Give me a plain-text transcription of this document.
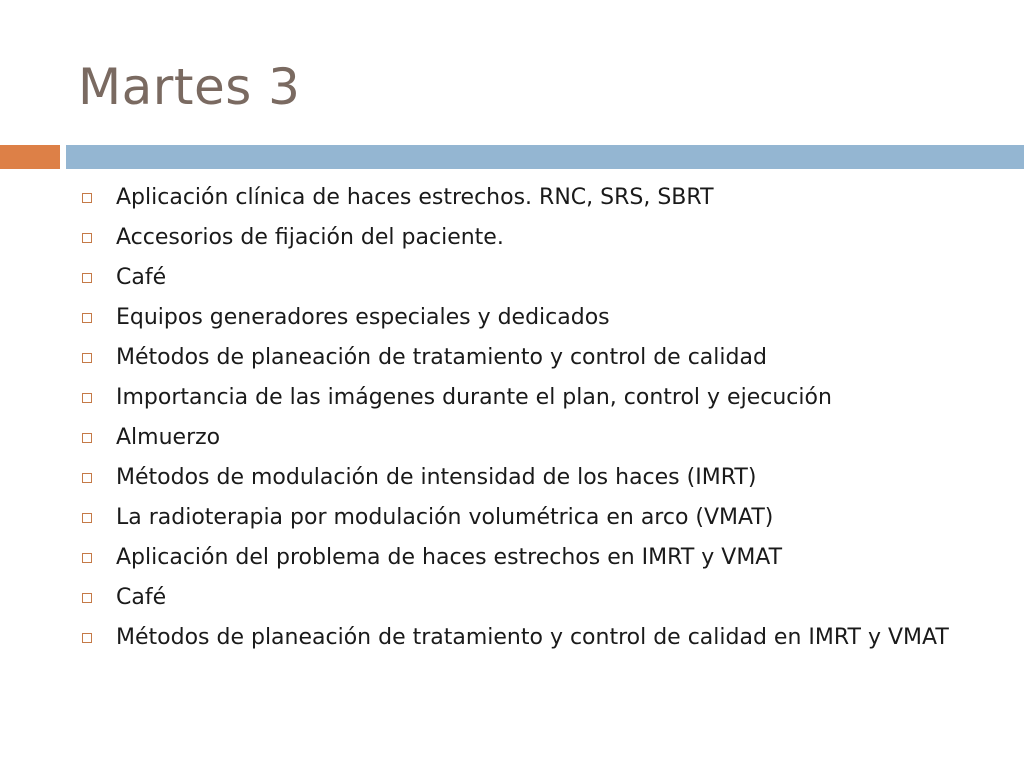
Martes 3
Aplicación clínica de haces estrechos. RNC, SRS, SBRT
Accesorios de fijación del paciente.
Café
Equipos generadores especiales y dedicados
Métodos de planeación de tratamiento y control de calidad
Importancia de las imágenes durante el plan, control y ejecución
Almuerzo
Métodos de modulación de intensidad de los haces (IMRT)
La radioterapia por modulación volumétrica en arco (VMAT)
Aplicación del problema de haces estrechos en IMRT y VMAT
Café
Métodos de planeación de tratamiento y control de calidad en IMRT y VMAT
